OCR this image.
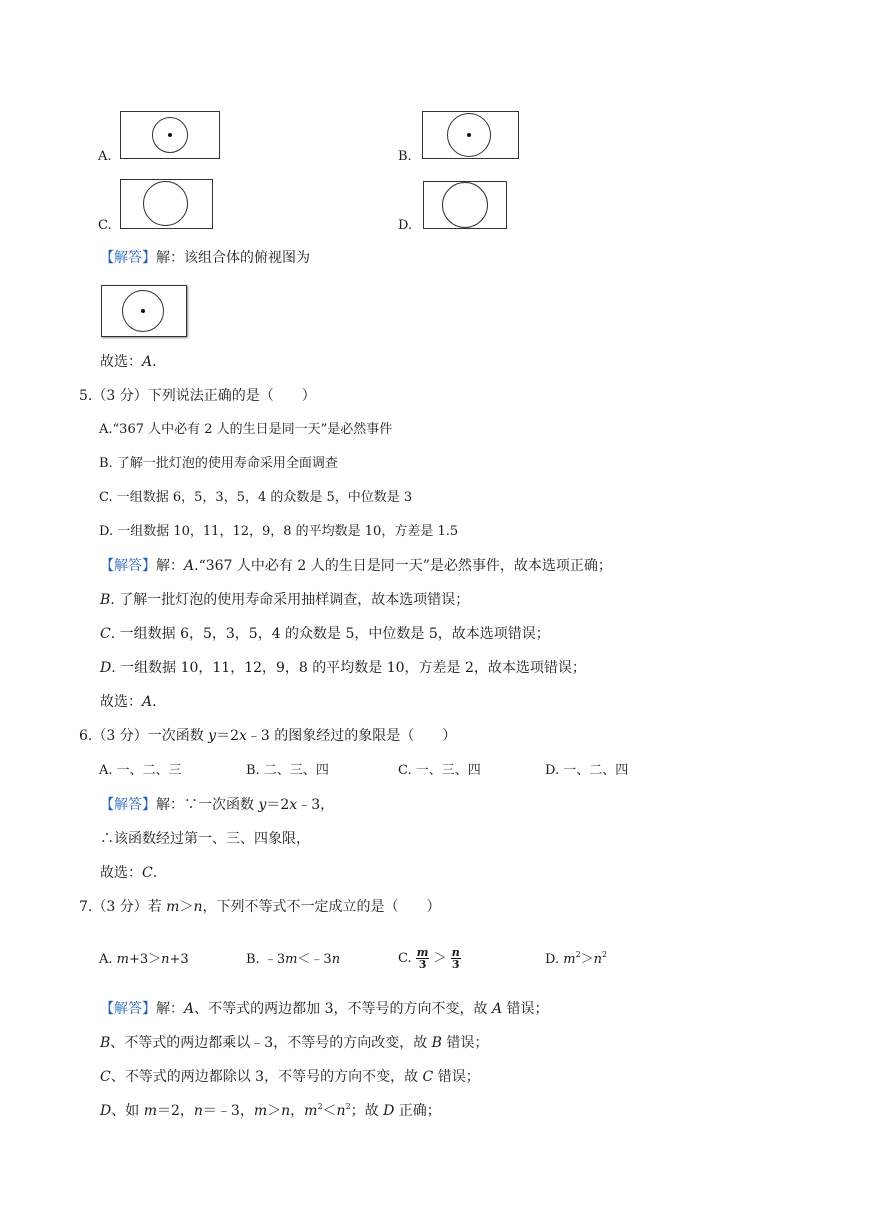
A.	B.
C.	D.
【解答】解：该组合体的俯视图为
故选：A.
5.（3 分）下列说法正确的是（　　）
A.“367 人中必有 2 人的生日是同一天”是必然事件
B. 了解一批灯泡的使用寿命采用全面调查
C. 一组数据 6，5，3，5，4 的众数是 5，中位数是 3
D. 一组数据 10，11，12，9，8 的平均数是 10，方差是 1.5
【解答】解：A.“367 人中必有 2 人的生日是同一天”是必然事件，故本选项正确；
B. 了解一批灯泡的使用寿命采用抽样调查，故本选项错误；
C. 一组数据 6，5，3，5，4 的众数是 5，中位数是 5，故本选项错误；
D. 一组数据 10，11，12，9，8 的平均数是 10，方差是 2，故本选项错误；
故选：A.
6.（3 分）一次函数 y＝2x﹣3 的图象经过的象限是（　　）
A. 一、二、三	B. 二、三、四	C. 一、三、四	D. 一、二、四
【解答】解：∵一次函数 y＝2x﹣3，
∴该函数经过第一、三、四象限，
故选：C.
7.（3 分）若 m＞n，下列不等式不一定成立的是（　　）
A. m+3＞n+3	B. ﹣3m＜﹣3n	C. $\frac{m}{3} > \frac{n}{3}$	D. $m^2>n^2$
【解答】解：A、不等式的两边都加 3，不等号的方向不变，故 A 错误；
B、不等式的两边都乘以﹣3，不等号的方向改变，故 B 错误；
C、不等式的两边都除以 3，不等号的方向不变，故 C 错误；
D、如 m＝2，n＝﹣3，m＞n，$m^2<n^2$；故 D 正确；
